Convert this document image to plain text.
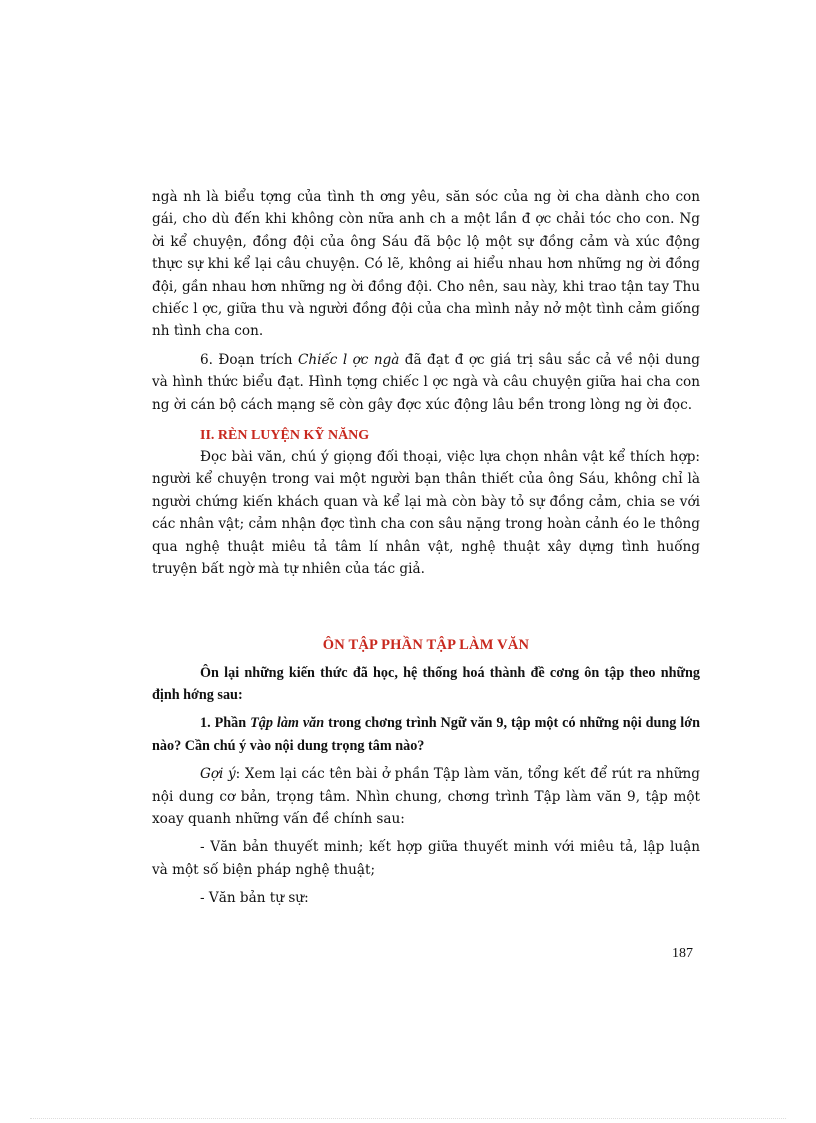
ngà nh là biểu tợng của tình th ơng yêu, săn sóc của ng ời cha dành cho con gái, cho dù đến khi không còn nữa anh ch a một lần đ ợc chải tóc cho con. Ng ời kể chuyện, đồng đội của ông Sáu đã bộc lộ một sự đồng cảm và xúc động thực sự khi kể lại câu chuyện. Có lẽ, không ai hiểu nhau hơn những ng ời đồng đội, gần nhau hơn những ng ời đồng đội. Cho nên, sau này, khi trao tận tay Thu chiếc l ợc, giữa thu và người đồng đội của cha mình nảy nở một tình cảm giống nh tình cha con.

6. Đoạn trích Chiếc l ợc ngà đã đạt đ ợc giá trị sâu sắc cả về nội dung và hình thức biểu đạt. Hình tợng chiếc l ợc ngà và câu chuyện giữa hai cha con ng ời cán bộ cách mạng sẽ còn gây đợc xúc động lâu bền trong lòng ng ời đọc.

II. RÈN LUYỆN KỸ NĂNG

Đọc bài văn, chú ý giọng đối thoại, việc lựa chọn nhân vật kể thích hợp: người kể chuyện trong vai một người bạn thân thiết của ông Sáu, không chỉ là người chứng kiến khách quan và kể lại mà còn bày tỏ sự đồng cảm, chia se với các nhân vật; cảm nhận đợc tình cha con sâu nặng trong hoàn cảnh éo le thông qua nghệ thuật miêu tả tâm lí nhân vật, nghệ thuật xây dựng tình huống truyện bất ngờ mà tự nhiên của tác giả.

ÔN TẬP PHẦN TẬP LÀM VĂN

Ôn lại những kiến thức đã học, hệ thống hoá thành đề cơng ôn tập theo những định hớng sau:

1. Phần Tập làm văn trong chơng trình Ngữ văn 9, tập một có những nội dung lớn nào? Cần chú ý vào nội dung trọng tâm nào?

Gợi ý: Xem lại các tên bài ở phần Tập làm văn, tổng kết để rút ra những nội dung cơ bản, trọng tâm. Nhìn chung, chơng trình Tập làm văn 9, tập một xoay quanh những vấn đề chính sau:

- Văn bản thuyết minh; kết hợp giữa thuyết minh với miêu tả, lập luận và một số biện pháp nghệ thuật;

- Văn bản tự sự:

187
